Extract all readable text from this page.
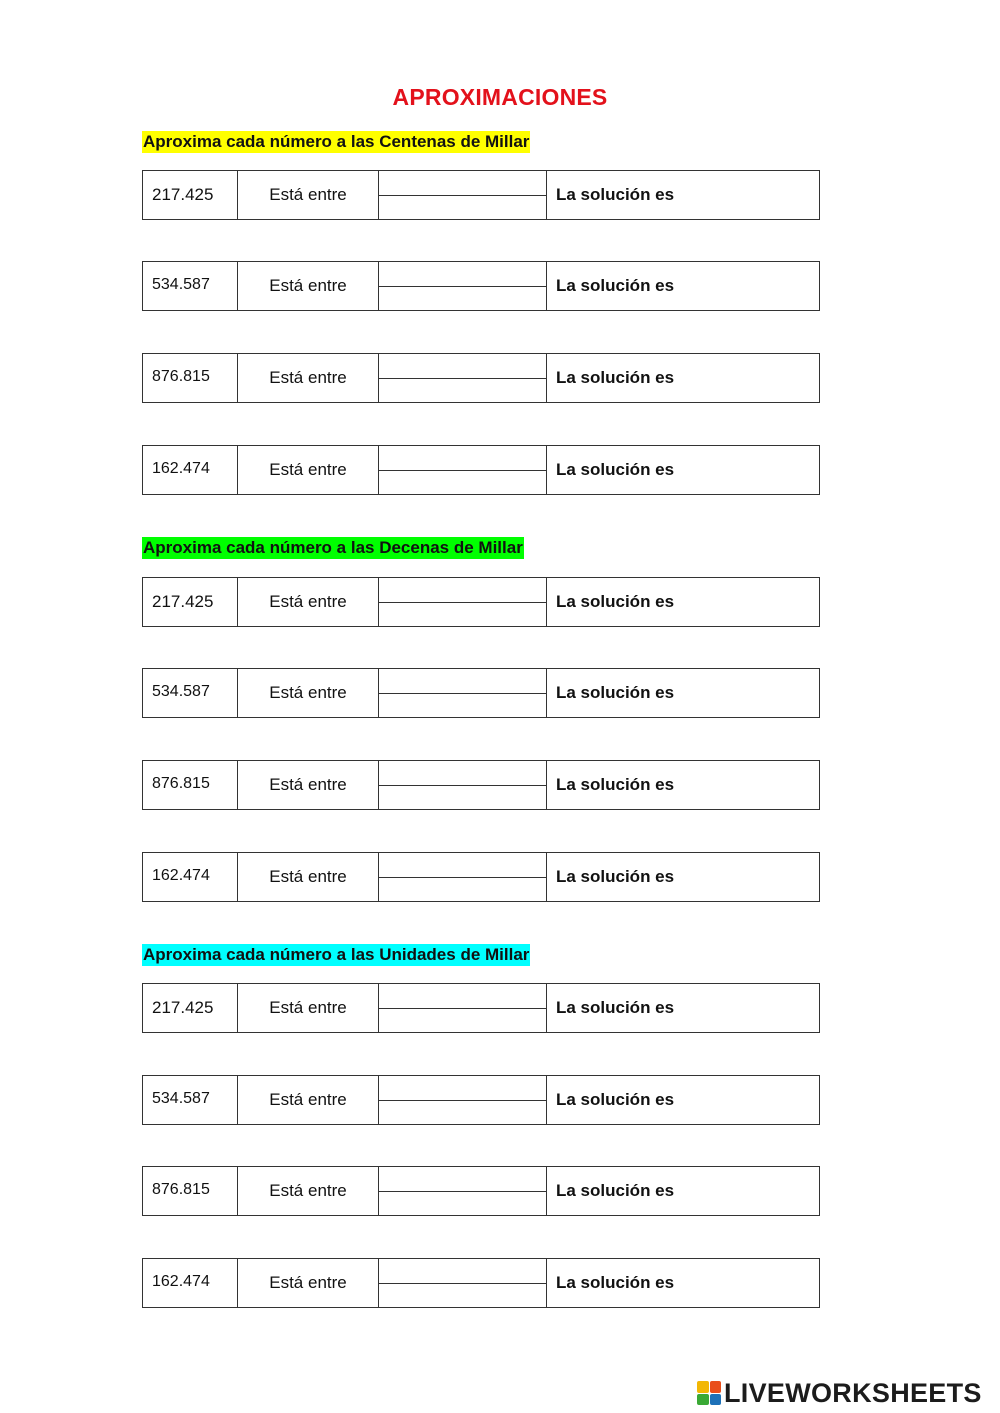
APROXIMACIONES
Aproxima cada número a las Centenas de Millar
217.425	Está entre	La solución es
534.587	Está entre	La solución es
876.815	Está entre	La solución es
162.474	Está entre	La solución es
Aproxima cada número a las Decenas de Millar
217.425	Está entre	La solución es
534.587	Está entre	La solución es
876.815	Está entre	La solución es
162.474	Está entre	La solución es
Aproxima cada número a las Unidades de Millar
217.425	Está entre	La solución es
534.587	Está entre	La solución es
876.815	Está entre	La solución es
162.474	Está entre	La solución es
LIVEWORKSHEETS
